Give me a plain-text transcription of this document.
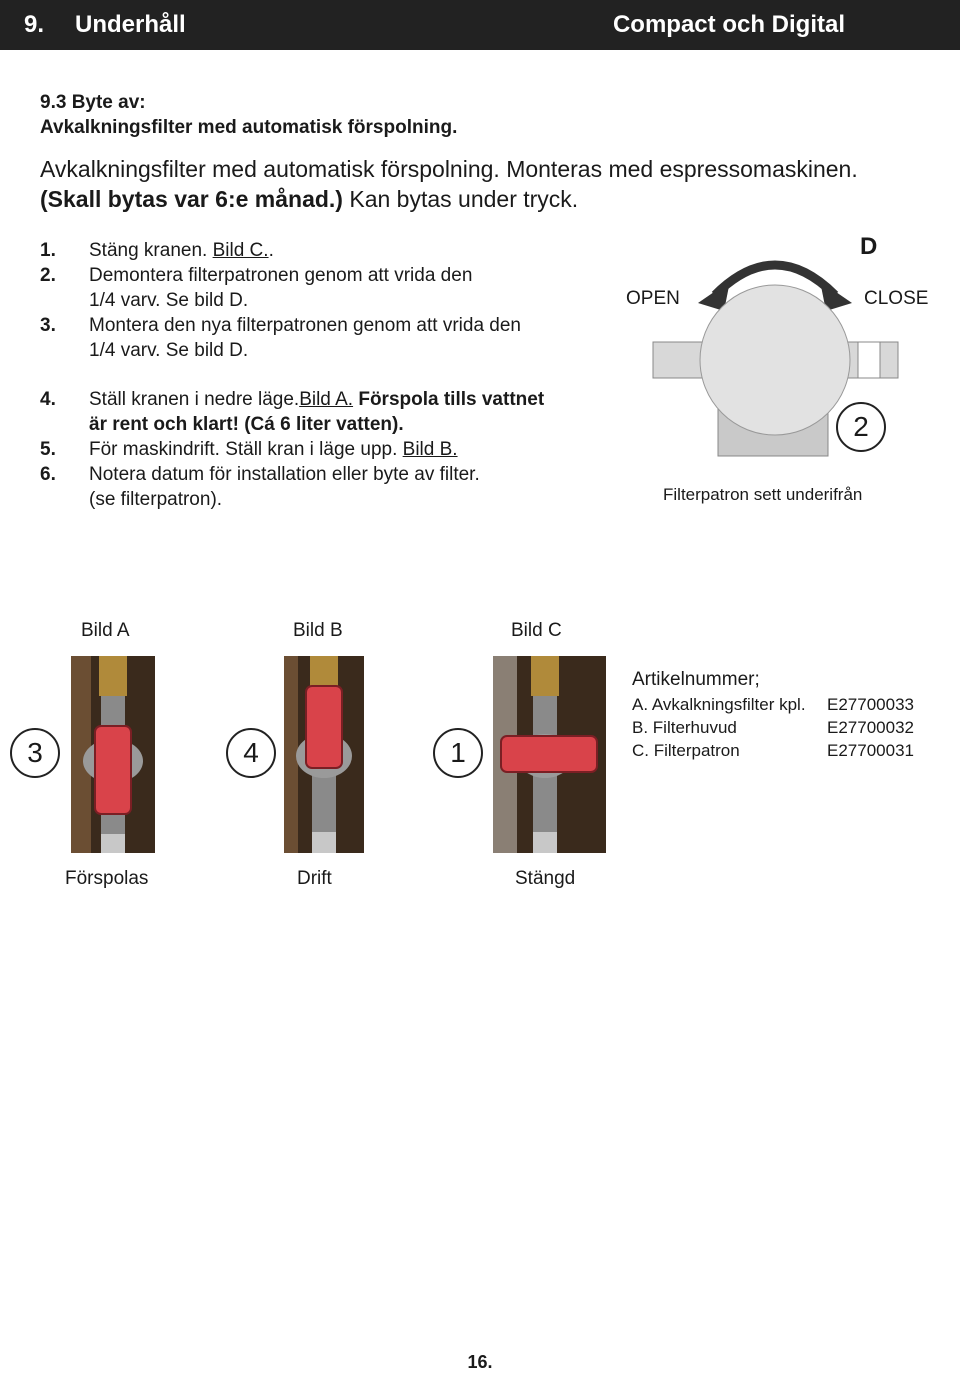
9. Underhåll	Compact och Digital
9.3 Byte av:
Avkalkningsfilter med automatisk förspolning.
Avkalkningsfilter med automatisk förspolning. Monteras med espressomaskinen.
(Skall bytas var 6:e månad.) Kan bytas under tryck.
1. Stäng kranen. Bild C..
2. Demontera filterpatronen genom att vrida den
1/4 varv. Se bild D.
3. Montera den nya filterpatronen genom att vrida den
1/4 varv. Se bild D.
4. Ställ kranen i nedre läge.Bild A. Förspola tills vattnet
är rent och klart! (Cá 6 liter vatten).
5. För maskindrift. Ställ kran i läge upp. Bild B.
6. Notera datum för installation eller byte av filter.
(se filterpatron).
D
OPEN	CLOSE
2
Filterpatron sett underifrån
Bild A	Bild B	Bild C
3	4	1
Förspolas	Drift	Stängd
Artikelnummer;
A. Avkalkningsfilter kpl. E27700033
B. Filterhuvud	E27700032
C. Filterpatron	E27700031
16.
